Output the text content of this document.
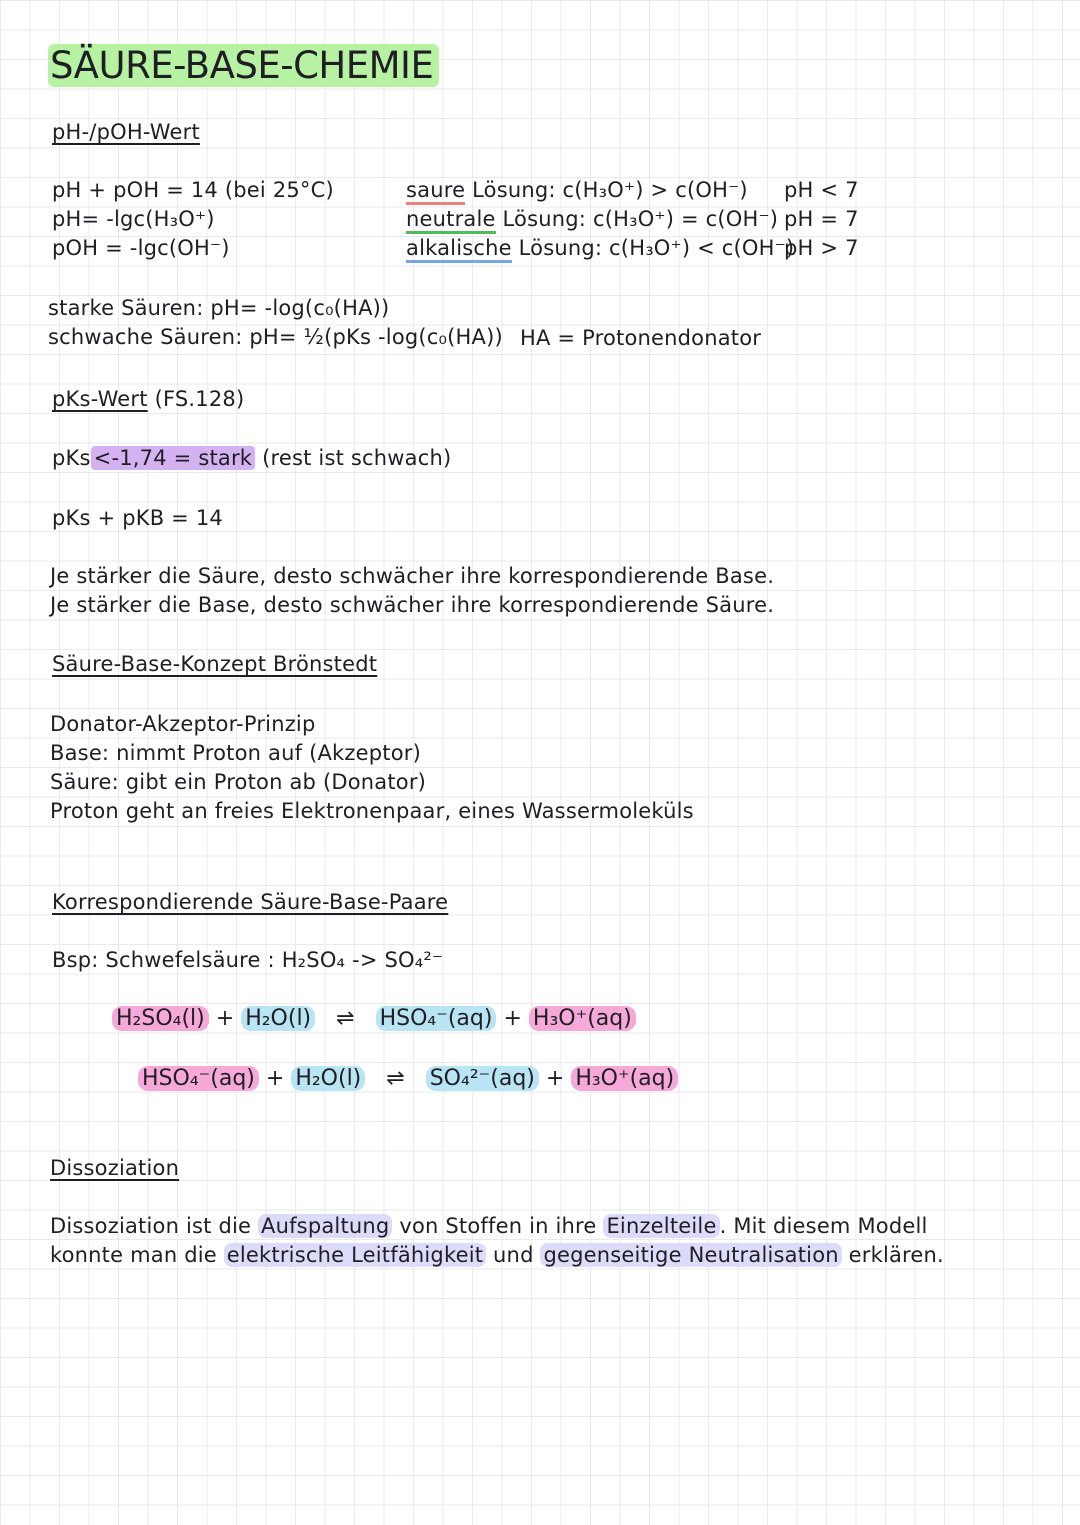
SÄURE-BASE-CHEMIE
pH-/pOH-Wert
pH + pOH = 14 (bei 25°C)
pH= -lgc(H₃O⁺)
pOH = -lgc(OH⁻)
saure Lösung: c(H₃O⁺) > c(OH⁻)
neutrale Lösung: c(H₃O⁺) = c(OH⁻)
alkalische Lösung: c(H₃O⁺) < c(OH⁻)
pH < 7
pH = 7
pH > 7
starke Säuren: pH= -log(c₀(HA))
schwache Säuren: pH= ½(pKs -log(c₀(HA)) HA = Protonendonator
pKs-Wert (FS.128)
pKs <-1,74 = stark (rest ist schwach)
pKs + pKB = 14
Je stärker die Säure, desto schwächer ihre korrespondierende Base.
Je stärker die Base, desto schwächer ihre korrespondierende Säure.
Säure-Base-Konzept Brönstedt
Donator-Akzeptor-Prinzip
Base: nimmt Proton auf (Akzeptor)
Säure: gibt ein Proton ab (Donator)
Proton geht an freies Elektronenpaar, eines Wassermoleküls
Korrespondierende Säure-Base-Paare
Bsp: Schwefelsäure : H₂SO₄ -> SO₄²⁻
H₂SO₄(l) + H₂O(l) ⇌ HSO₄⁻(aq) + H₃O⁺(aq)
HSO₄⁻(aq) + H₂O(l) ⇌ SO₄²⁻(aq) + H₃O⁺(aq)
Dissoziation
Dissoziation ist die Aufspaltung von Stoffen in ihre Einzelteile . Mit diesem Modell
konnte man die elektrische Leitfähigkeit und gegenseitige Neutralisation erklären.
